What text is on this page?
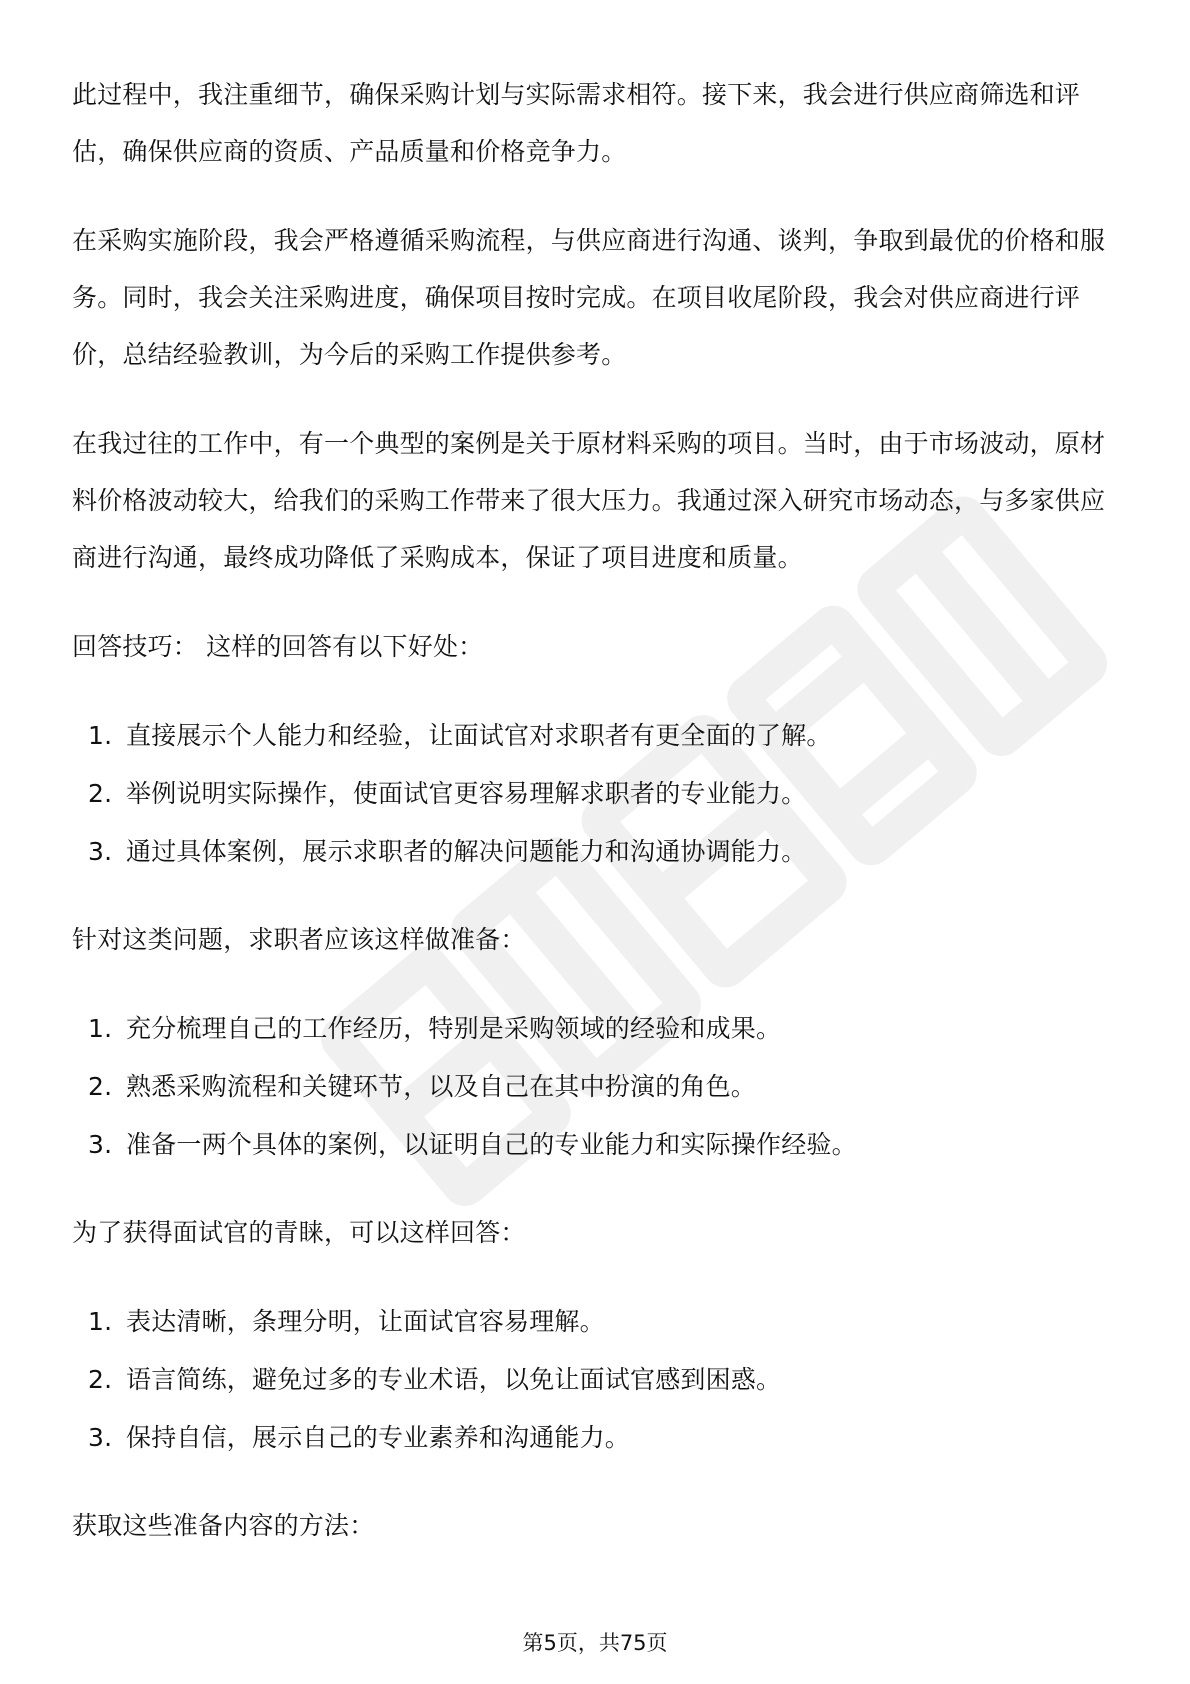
此过程中，我注重细节，确保采购计划与实际需求相符。接下来，我会进行供应商筛选和评估，确保供应商的资质、产品质量和价格竞争力。

在采购实施阶段，我会严格遵循采购流程，与供应商进行沟通、谈判，争取到最优的价格和服务。同时，我会关注采购进度，确保项目按时完成。在项目收尾阶段，我会对供应商进行评价，总结经验教训，为今后的采购工作提供参考。

在我过往的工作中，有一个典型的案例是关于原材料采购的项目。当时，由于市场波动，原材料价格波动较大，给我们的采购工作带来了很大压力。我通过深入研究市场动态，与多家供应商进行沟通，最终成功降低了采购成本，保证了项目进度和质量。

回答技巧： 这样的回答有以下好处：

1. 直接展示个人能力和经验，让面试官对求职者有更全面的了解。
2. 举例说明实际操作，使面试官更容易理解求职者的专业能力。
3. 通过具体案例，展示求职者的解决问题能力和沟通协调能力。

针对这类问题，求职者应该这样做准备：

1. 充分梳理自己的工作经历，特别是采购领域的经验和成果。
2. 熟悉采购流程和关键环节，以及自己在其中扮演的角色。
3. 准备一两个具体的案例，以证明自己的专业能力和实际操作经验。

为了获得面试官的青睐，可以这样回答：

1. 表达清晰，条理分明，让面试官容易理解。
2. 语言简练，避免过多的专业术语，以免让面试官感到困惑。
3. 保持自信，展示自己的专业素养和沟通能力。

获取这些准备内容的方法：

第5页，共75页
